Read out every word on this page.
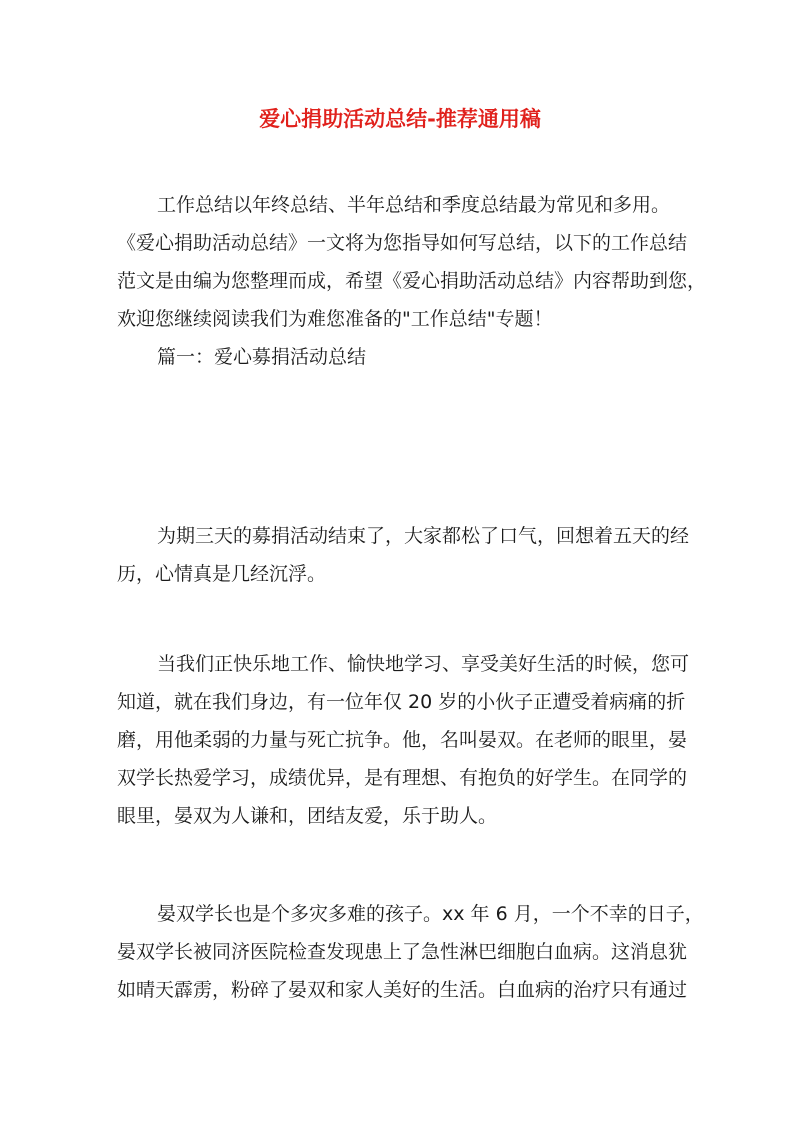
爱心捐助活动总结-推荐通用稿
工作总结以年终总结、半年总结和季度总结最为常见和多用。
《爱心捐助活动总结》一文将为您指导如何写总结，以下的工作总结
范文是由编为您整理而成，希望《爱心捐助活动总结》内容帮助到您，
欢迎您继续阅读我们为难您准备的"工作总结"专题！
篇一：爱心募捐活动总结
为期三天的募捐活动结束了，大家都松了口气，回想着五天的经
历，心情真是几经沉浮。
当我们正快乐地工作、愉快地学习、享受美好生活的时候，您可
知道，就在我们身边，有一位年仅 20 岁的小伙子正遭受着病痛的折
磨，用他柔弱的力量与死亡抗争。他，名叫晏双。在老师的眼里，晏
双学长热爱学习，成绩优异，是有理想、有抱负的好学生。在同学的
眼里，晏双为人谦和，团结友爱，乐于助人。
晏双学长也是个多灾多难的孩子。xx 年 6 月，一个不幸的日子，
晏双学长被同济医院检查发现患上了急性淋巴细胞白血病。这消息犹
如晴天霹雳，粉碎了晏双和家人美好的生活。白血病的治疗只有通过
